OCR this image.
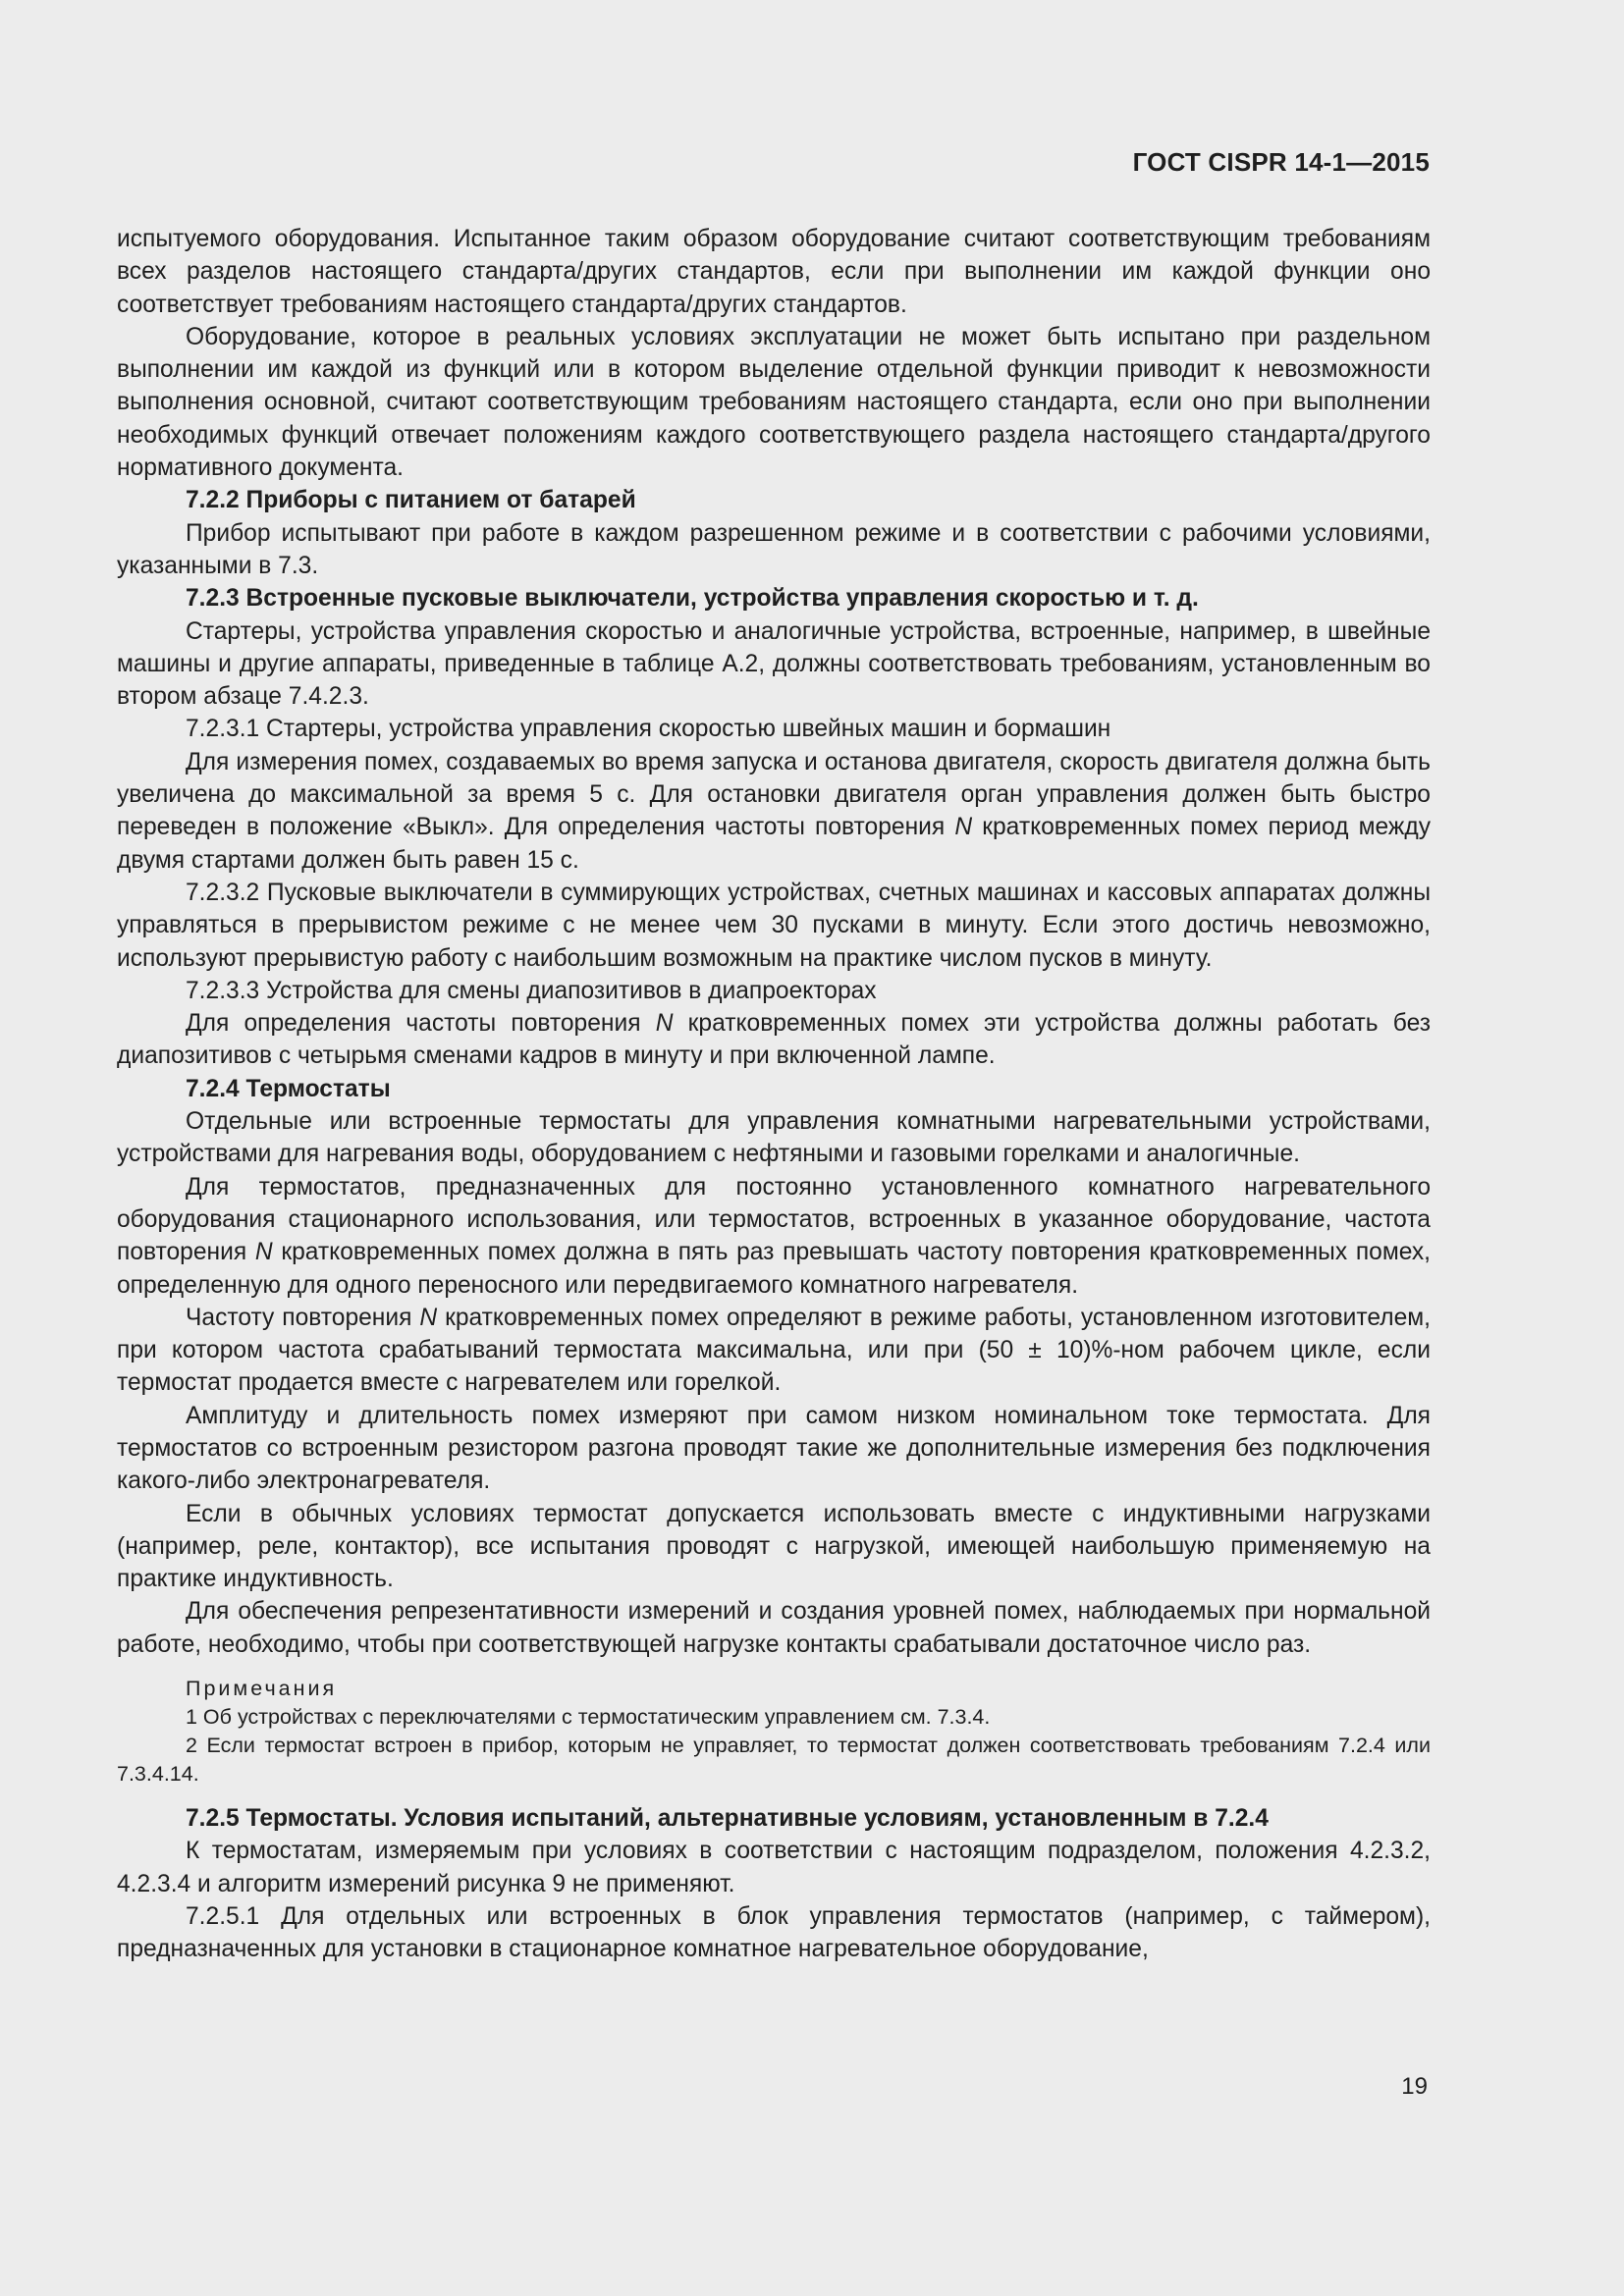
ГОСТ CISPR 14-1—2015

испытуемого оборудования. Испытанное таким образом оборудование считают соответствующим требованиям всех разделов настоящего стандарта/других стандартов, если при выполнении им каждой функции оно соответствует требованиям настоящего стандарта/других стандартов.

Оборудование, которое в реальных условиях эксплуатации не может быть испытано при раздельном выполнении им каждой из функций или в котором выделение отдельной функции приводит к невозможности выполнения основной, считают соответствующим требованиям настоящего стандарта, если оно при выполнении необходимых функций отвечает положениям каждого соответствующего раздела настоящего стандарта/другого нормативного документа.

7.2.2 Приборы с питанием от батарей

Прибор испытывают при работе в каждом разрешенном режиме и в соответствии с рабочими условиями, указанными в 7.3.

7.2.3 Встроенные пусковые выключатели, устройства управления скоростью и т. д.

Стартеры, устройства управления скоростью и аналогичные устройства, встроенные, например, в швейные машины и другие аппараты, приведенные в таблице А.2, должны соответствовать требованиям, установленным во втором абзаце 7.4.2.3.

7.2.3.1 Стартеры, устройства управления скоростью швейных машин и бормашин

Для измерения помех, создаваемых во время запуска и останова двигателя, скорость двигателя должна быть увеличена до максимальной за время 5 с. Для остановки двигателя орган управления должен быть быстро переведен в положение «Выкл». Для определения частоты повторения N кратковременных помех период между двумя стартами должен быть равен 15 с.

7.2.3.2 Пусковые выключатели в суммирующих устройствах, счетных машинах и кассовых аппаратах должны управляться в прерывистом режиме с не менее чем 30 пусками в минуту. Если этого достичь невозможно, используют прерывистую работу с наибольшим возможным на практике числом пусков в минуту.

7.2.3.3 Устройства для смены диапозитивов в диапроекторах

Для определения частоты повторения N кратковременных помех эти устройства должны работать без диапозитивов с четырьмя сменами кадров в минуту и при включенной лампе.

7.2.4 Термостаты

Отдельные или встроенные термостаты для управления комнатными нагревательными устройствами, устройствами для нагревания воды, оборудованием с нефтяными и газовыми горелками и аналогичные.

Для термостатов, предназначенных для постоянно установленного комнатного нагревательного оборудования стационарного использования, или термостатов, встроенных в указанное оборудование, частота повторения N кратковременных помех должна в пять раз превышать частоту повторения кратковременных помех, определенную для одного переносного или передвигаемого комнатного нагревателя.

Частоту повторения N кратковременных помех определяют в режиме работы, установленном изготовителем, при котором частота срабатываний термостата максимальна, или при (50 ± 10)%-ном рабочем цикле, если термостат продается вместе с нагревателем или горелкой.

Амплитуду и длительность помех измеряют при самом низком номинальном токе термостата. Для термостатов со встроенным резистором разгона проводят такие же дополнительные измерения без подключения какого-либо электронагревателя.

Если в обычных условиях термостат допускается использовать вместе с индуктивными нагрузками (например, реле, контактор), все испытания проводят с нагрузкой, имеющей наибольшую применяемую на практике индуктивность.

Для обеспечения репрезентативности измерений и создания уровней помех, наблюдаемых при нормальной работе, необходимо, чтобы при соответствующей нагрузке контакты срабатывали достаточное число раз.

Примечания

1 Об устройствах с переключателями с термостатическим управлением см. 7.3.4.

2 Если термостат встроен в прибор, которым не управляет, то термостат должен соответствовать требованиям 7.2.4 или 7.3.4.14.

7.2.5 Термостаты. Условия испытаний, альтернативные условиям, установленным в 7.2.4

К термостатам, измеряемым при условиях в соответствии с настоящим подразделом, положения 4.2.3.2, 4.2.3.4 и алгоритм измерений рисунка 9 не применяют.

7.2.5.1 Для отдельных или встроенных в блок управления термостатов (например, с таймером), предназначенных для установки в стационарное комнатное нагревательное оборудование,

19
